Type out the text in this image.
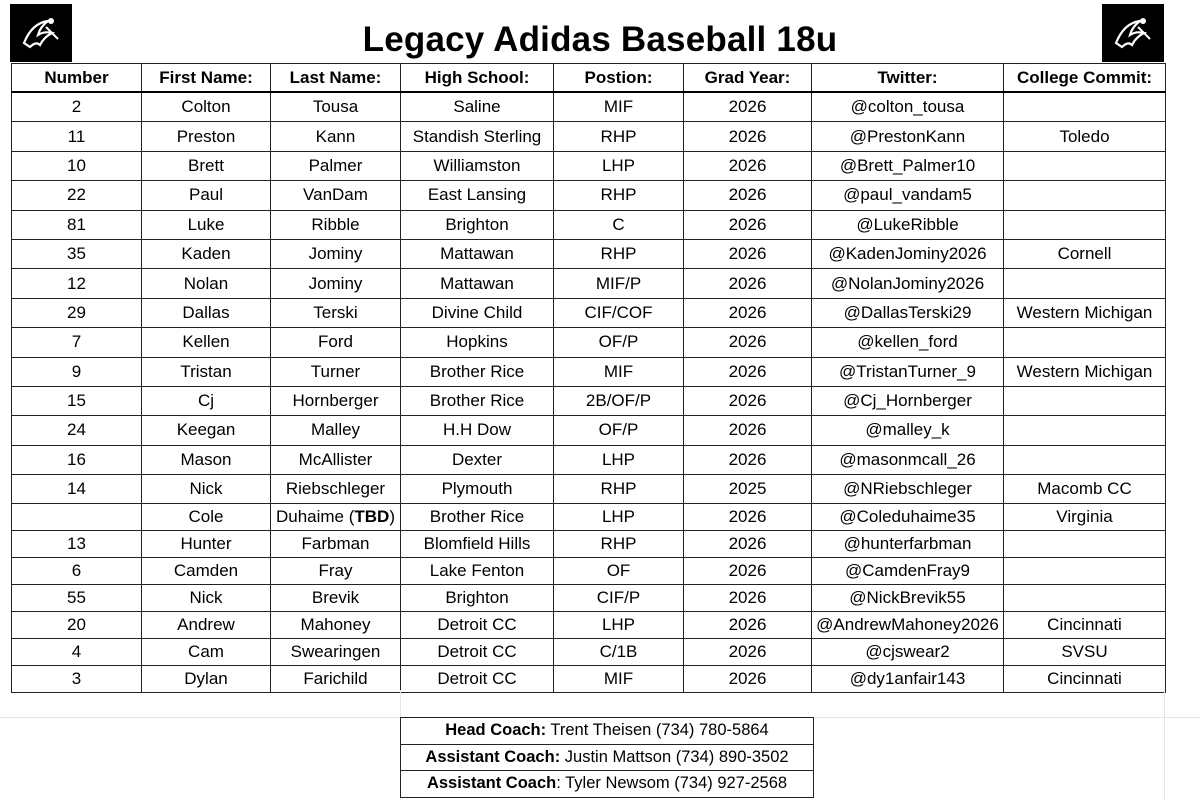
Legacy Adidas Baseball 18u
Number	First Name:	Last Name:	High School:	Postion:	Grad Year:	Twitter:	College Commit:
2	Colton	Tousa	Saline	MIF	2026	@colton_tousa	
11	Preston	Kann	Standish Sterling	RHP	2026	@PrestonKann	Toledo
10	Brett	Palmer	Williamston	LHP	2026	@Brett_Palmer10	
22	Paul	VanDam	East Lansing	RHP	2026	@paul_vandam5	
81	Luke	Ribble	Brighton	C	2026	@LukeRibble	
35	Kaden	Jominy	Mattawan	RHP	2026	@KadenJominy2026	Cornell
12	Nolan	Jominy	Mattawan	MIF/P	2026	@NolanJominy2026	
29	Dallas	Terski	Divine Child	CIF/COF	2026	@DallasTerski29	Western Michigan
7	Kellen	Ford	Hopkins	OF/P	2026	@kellen_ford	
9	Tristan	Turner	Brother Rice	MIF	2026	@TristanTurner_9	Western Michigan
15	Cj	Hornberger	Brother Rice	2B/OF/P	2026	@Cj_Hornberger	
24	Keegan	Malley	H.H Dow	OF/P	2026	@malley_k	
16	Mason	McAllister	Dexter	LHP	2026	@masonmcall_26	
14	Nick	Riebschleger	Plymouth	RHP	2025	@NRiebschleger	Macomb CC
	Cole	Duhaime (TBD)	Brother Rice	LHP	2026	@Coleduhaime35	Virginia
13	Hunter	Farbman	Blomfield Hills	RHP	2026	@hunterfarbman	
6	Camden	Fray	Lake Fenton	OF	2026	@CamdenFray9	
55	Nick	Brevik	Brighton	CIF/P	2026	@NickBrevik55	
20	Andrew	Mahoney	Detroit CC	LHP	2026	@AndrewMahoney2026	Cincinnati
4	Cam	Swearingen	Detroit CC	C/1B	2026	@cjswear2	SVSU
3	Dylan	Farichild	Detroit CC	MIF	2026	@dy1anfair143	Cincinnati
Head Coach: Trent Theisen (734) 780-5864
Assistant Coach: Justin Mattson (734) 890-3502
Assistant Coach: Tyler Newsom (734) 927-2568
